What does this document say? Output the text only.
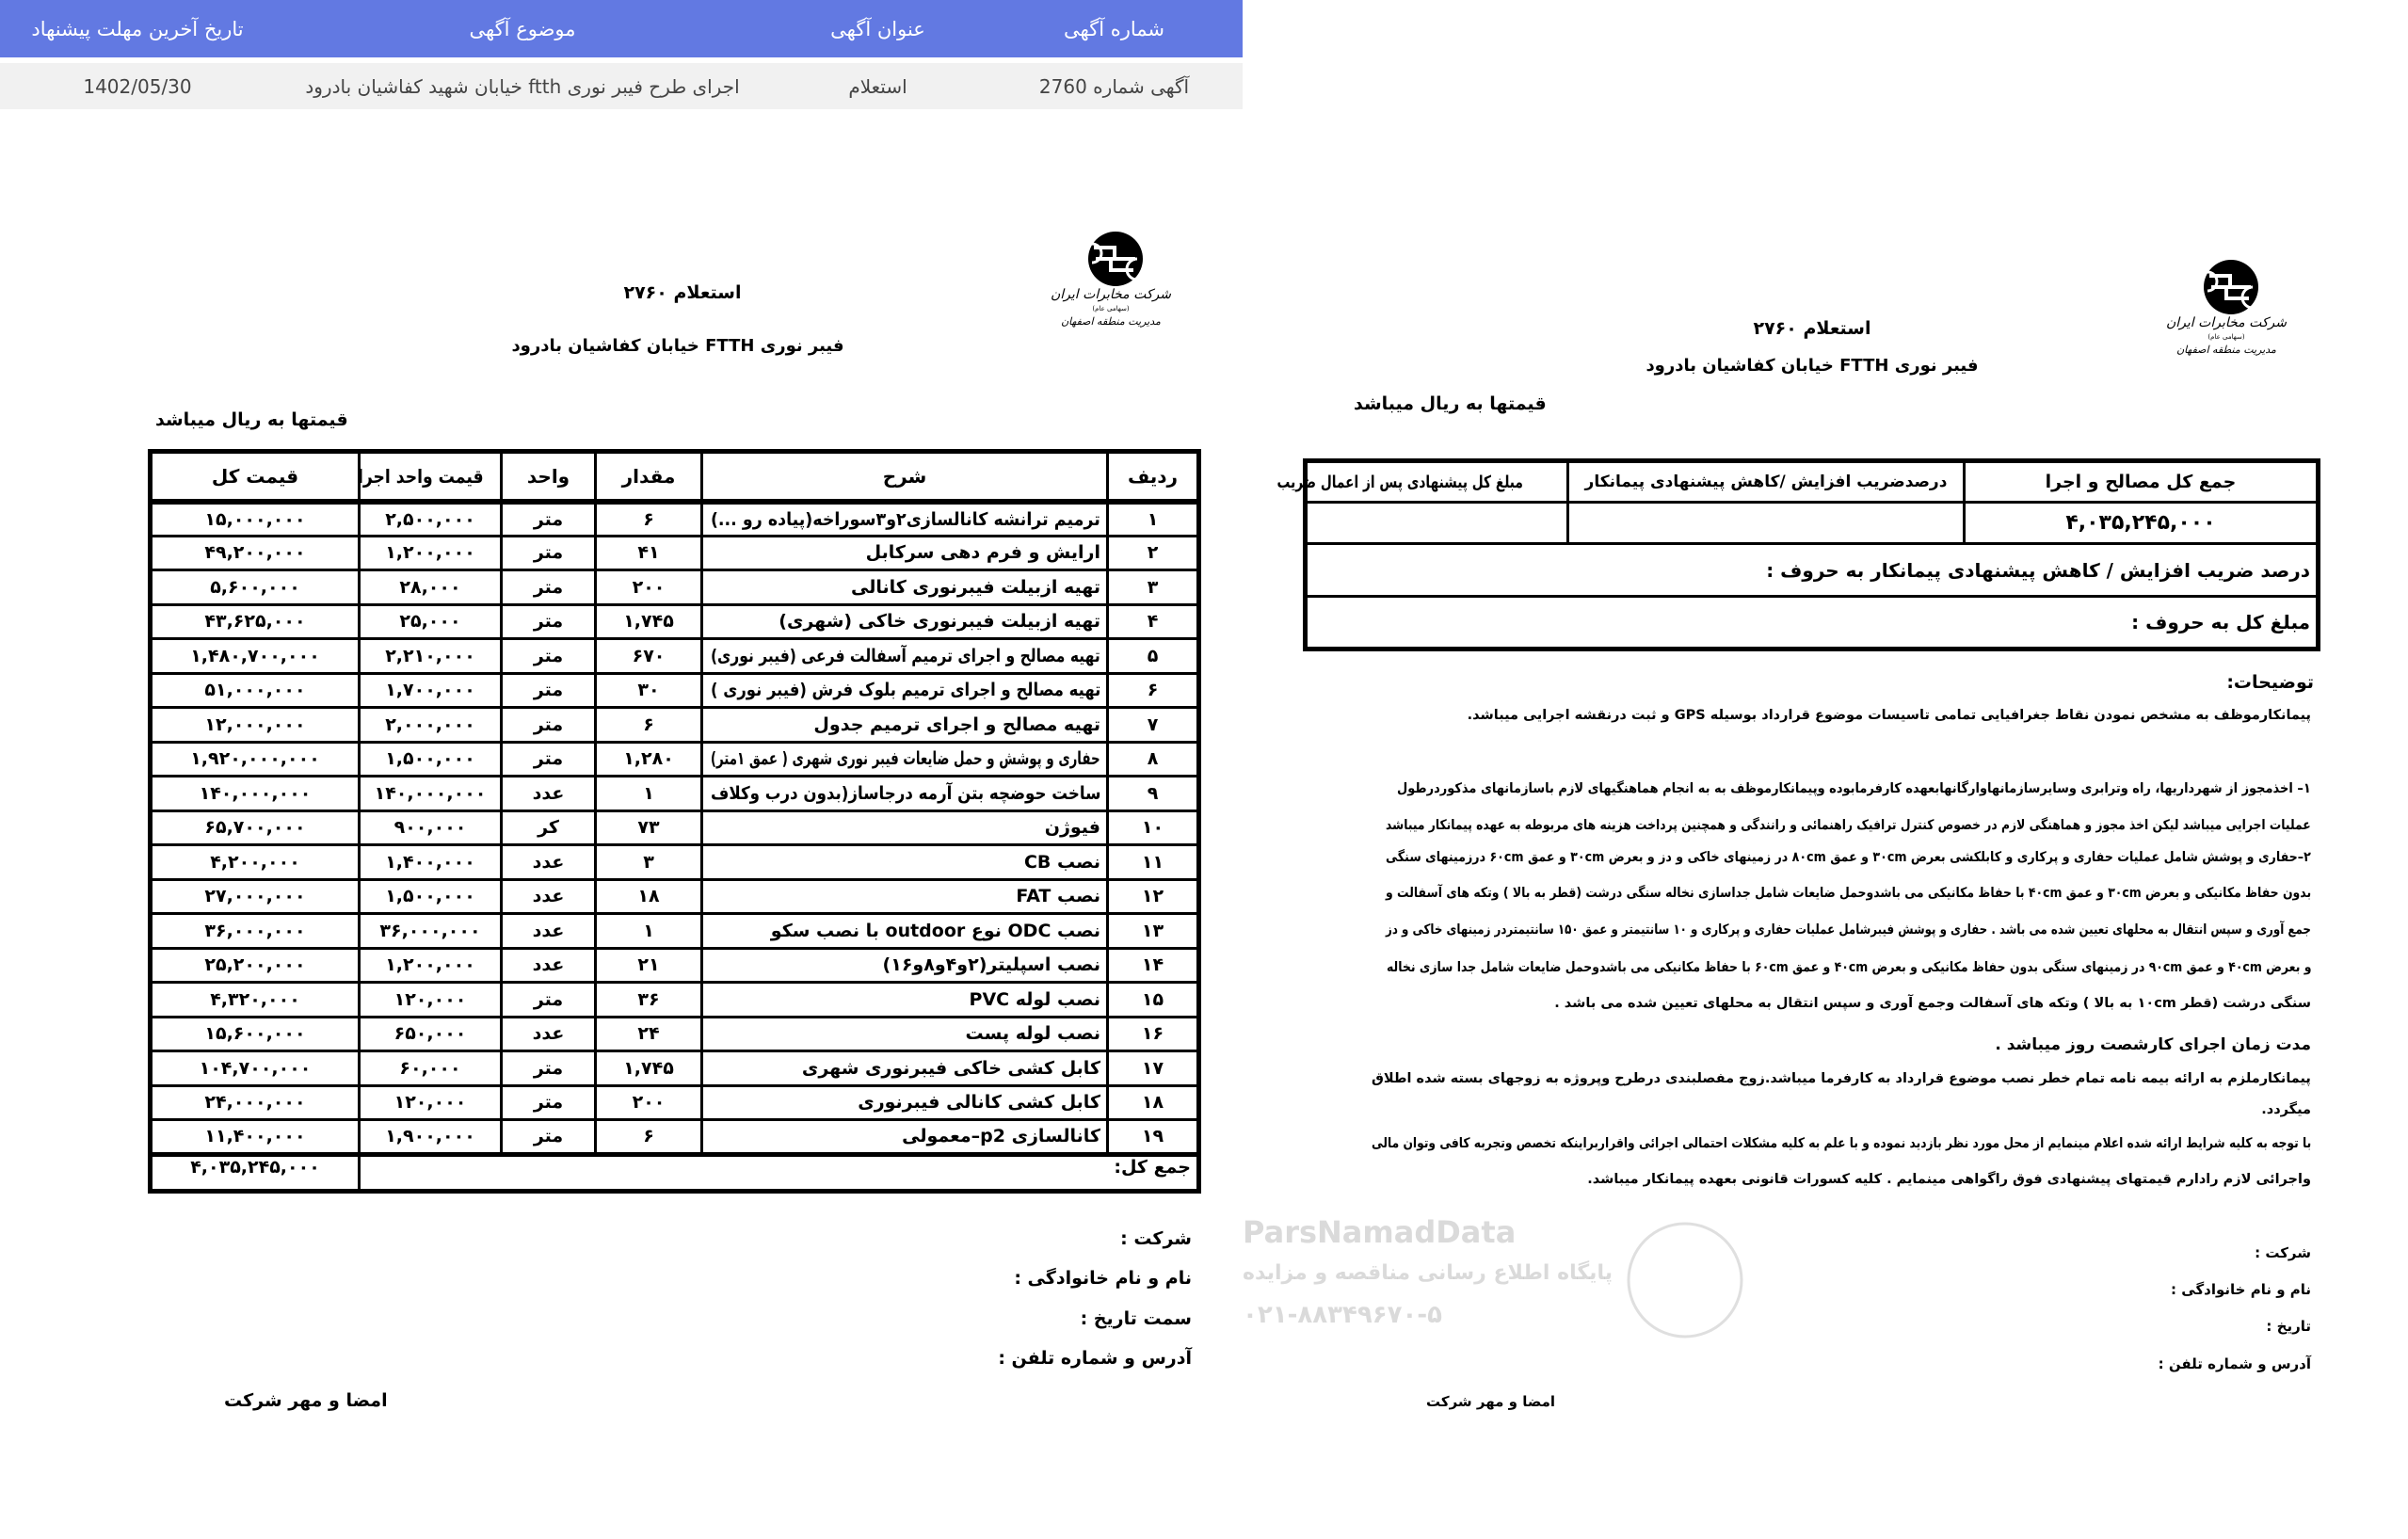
شماره آگهی	عنوان آگهی	موضوع آگهی	تاریخ آخرین مهلت پیشنهاد
آگهی شماره 2760	استعلام	اجرای طرح فیبر نوری ftth خیابان شهید کفاشیان بادرود	1402/05/30
شرکت مخابرات ایران
(سهامی عام)
مدیریت منطقه اصفهان	شرکت مخابرات ایران
(سهامی عام)
مدیریت منطقه اصفهان
ParsNamadData
پایگاه اطلاع رسانی مناقصه و مزایده
۰۲۱-۸۸۳۴۹۶۷۰-۵
استعلام ۲۷۶۰
فیبر نوری FTTH خیابان کفاشیان بادرود
قیمتها به ریال میباشد
ردیف	شرح	مقدار	واحد	قیمت واحد اجرا	قیمت کل
۱	ترمیم ترانشه کانالسازی۲و۳سوراخه(پیاده رو ...)	۶	متر	۲,۵۰۰,۰۰۰	۱۵,۰۰۰,۰۰۰
۲	ارایش و فرم دهی سرکابل	۴۱	متر	۱,۲۰۰,۰۰۰	۴۹,۲۰۰,۰۰۰
۳	تهیه ازبیلت فیبرنوری کانالی	۲۰۰	متر	۲۸,۰۰۰	۵,۶۰۰,۰۰۰
۴	تهیه ازبیلت فیبرنوری خاکی (شهری)	۱,۷۴۵	متر	۲۵,۰۰۰	۴۳,۶۲۵,۰۰۰
۵	تهیه مصالح و اجرای ترمیم آسفالت فرعی (فیبر نوری)	۶۷۰	متر	۲,۲۱۰,۰۰۰	۱,۴۸۰,۷۰۰,۰۰۰
۶	تهیه مصالح و اجرای ترمیم بلوک فرش (فیبر نوری )	۳۰	متر	۱,۷۰۰,۰۰۰	۵۱,۰۰۰,۰۰۰
۷	تهیه مصالح و اجرای ترمیم جدول	۶	متر	۲,۰۰۰,۰۰۰	۱۲,۰۰۰,۰۰۰
۸	حفاری و پوشش و حمل ضایعات فیبر نوری شهری ( عمق ۱متر)	۱,۲۸۰	متر	۱,۵۰۰,۰۰۰	۱,۹۲۰,۰۰۰,۰۰۰
۹	ساخت حوضچه بتن آرمه درجاساز(بدون درب وکلاف	۱	عدد	۱۴۰,۰۰۰,۰۰۰	۱۴۰,۰۰۰,۰۰۰
۱۰	فیوژن	۷۳	کر	۹۰۰,۰۰۰	۶۵,۷۰۰,۰۰۰
۱۱	نصب CB	۳	عدد	۱,۴۰۰,۰۰۰	۴,۲۰۰,۰۰۰
۱۲	نصب FAT	۱۸	عدد	۱,۵۰۰,۰۰۰	۲۷,۰۰۰,۰۰۰
۱۳	نصب ODC نوع outdoor با نصب سکو	۱	عدد	۳۶,۰۰۰,۰۰۰	۳۶,۰۰۰,۰۰۰
۱۴	نصب اسپلیتر(۲و۴و۸و۱۶)	۲۱	عدد	۱,۲۰۰,۰۰۰	۲۵,۲۰۰,۰۰۰
۱۵	نصب لوله PVC	۳۶	متر	۱۲۰,۰۰۰	۴,۳۲۰,۰۰۰
۱۶	نصب لوله پست	۲۴	عدد	۶۵۰,۰۰۰	۱۵,۶۰۰,۰۰۰
۱۷	کابل کشی خاکی فیبرنوری شهری	۱,۷۴۵	متر	۶۰,۰۰۰	۱۰۴,۷۰۰,۰۰۰
۱۸	کابل کشی کانالی فیبرنوری	۲۰۰	متر	۱۲۰,۰۰۰	۲۴,۰۰۰,۰۰۰
۱۹	کانالسازی p2–معمولی	۶	متر	۱,۹۰۰,۰۰۰	۱۱,۴۰۰,۰۰۰
جمع کل:					۴,۰۳۵,۲۴۵,۰۰۰
شرکت :
نام و نام خانوادگی :
سمت تاریخ :
آدرس و شماره تلفن :
امضا و مهر شرکت
استعلام ۲۷۶۰
فیبر نوری FTTH خیابان کفاشیان بادرود
قیمتها به ریال میباشد
جمع کل مصالح و اجرا	درصدضریب افزایش /کاهش پیشنهادی پیمانکار	مبلغ کل پیشنهادی پس از اعمال ضریب
۴,۰۳۵,۲۴۵,۰۰۰		
درصد ضریب افزایش / کاهش پیشنهادی پیمانکار به حروف :		
مبلغ کل به حروف :		
توضیحات:
پیمانکارموظف به مشخص نمودن نقاط جغرافیایی تمامی تاسیسات موضوع قرارداد بوسیله GPS و ثبت درنقشه اجرایی میباشد.
۱– اخذمجوز از شهرداریها، راه وترابری وسایرسازمانهاوارگانهابعهده کارفرمابوده وپیمانکارموظف به به انجام هماهنگیهای لازم باسازمانهای مذکوردرطول
عملیات اجرایی میباشد لیکن اخذ مجوز و هماهنگی لازم در خصوص کنترل ترافیک راهنمائی و رانندگی و همچنین پرداخت هزینه های مربوطه به عهده پیمانکار میباشد
۲–حفاری و پوشش شامل عملیات حفاری و پرکاری و کابلکشی بعرض ۳۰cm و عمق ۸۰cm در زمینهای خاکی و دز و بعرض ۳۰cm و عمق ۶۰cm درزمینهای سنگی
بدون حفاظ مکانیکی و بعرض ۳۰cm و عمق ۴۰cm با حفاظ مکانیکی می باشدوحمل ضایعات شامل جداسازی نخاله سنگی درشت (قطر به بالا ) وتکه های آسفالت و
جمع آوری و سپس انتقال به محلهای تعیین شده می باشد . حفاری و پوشش فیبرشامل عملیات حفاری و پرکاری و ۱۰ سانتیمتر و عمق ۱۵۰ سانتیمتردر زمینهای خاکی و دز
و بعرض ۴۰cm و عمق ۹۰cm در زمینهای سنگی بدون حفاظ مکانیکی و بعرض ۴۰cm و عمق ۶۰cm با حفاظ مکانیکی می باشدوحمل ضایعات شامل جدا سازی نخاله
سنگی درشت (قطر ۱۰cm به بالا ) وتکه های آسفالت وجمع آوری و سپس انتقال به محلهای تعیین شده می باشد .
مدت زمان اجرای کارشصت روز میباشد .
پیمانکارملزم به ارائه بیمه نامه تمام خطر نصب موضوع قرارداد به کارفرما میباشد.زوج مفصلبندی درطرح وپروژه به زوجهای بسته شده اطلاق
میگردد.
با توجه به کلیه شرایط ارائه شده اعلام مینمایم از محل مورد نظر بازدید نموده و با علم به کلیه مشکلات احتمالی اجرائی واقراربراینکه تخصص وتجربه کافی وتوان مالی
واجرائی لازم رادارم قیمتهای پیشنهادی فوق راگواهی مینمایم . کلیه کسورات قانونی بعهده پیمانکار میباشد.
شرکت :
نام و نام خانوادگی :
تاریخ :
آدرس و شماره تلفن :
امضا و مهر شرکت
